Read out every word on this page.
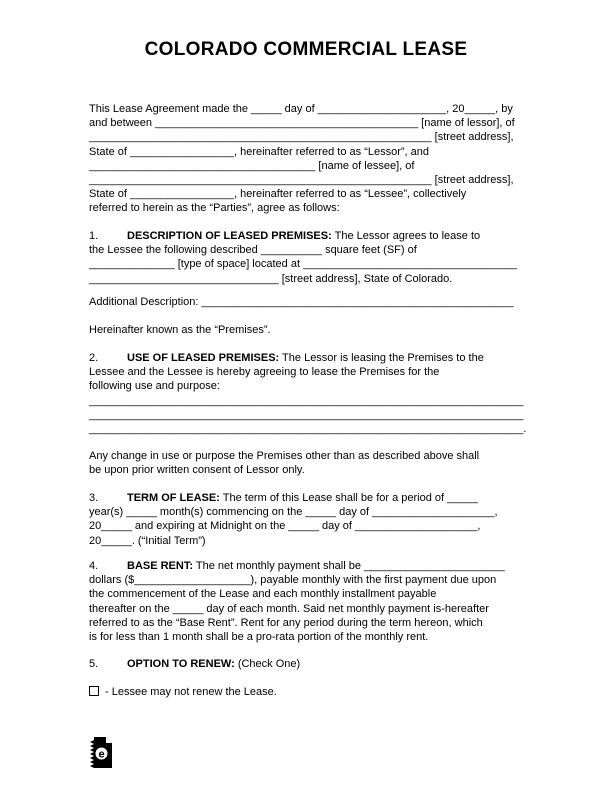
COLORADO COMMERCIAL LEASE
This Lease Agreement made the _____ day of _____________________, 20_____, by
and between ___________________________________________ [name of lessor], of
________________________________________________________ [street address],
State of _________________, hereinafter referred to as “Lessor”, and
_____________________________________ [name of lessee], of
________________________________________________________ [street address],
State of _________________, hereinafter referred to as “Lessee”, collectively
referred to herein as the “Parties”, agree as follows:
1.	DESCRIPTION OF LEASED PREMISES: The Lessor agrees to lease to
the Lessee the following described __________ square feet (SF) of
______________ [type of space] located at ___________________________________
_______________________________ [street address], State of Colorado.
Additional Description: ___________________________________________________
Hereinafter known as the “Premises”.
2.	USE OF LEASED PREMISES: The Lessor is leasing the Premises to the
Lessee and the Lessee is hereby agreeing to lease the Premises for the
following use and purpose:
_______________________________________________________________________
_______________________________________________________________________
_______________________________________________________________________.
Any change in use or purpose the Premises other than as described above shall
be upon prior written consent of Lessor only.
3.	TERM OF LEASE: The term of this Lease shall be for a period of _____
year(s) _____ month(s) commencing on the _____ day of ____________________,
20_____ and expiring at Midnight on the _____ day of ____________________,
20_____. (“Initial Term”)
4.	BASE RENT: The net monthly payment shall be _______________________
dollars ($___________________), payable monthly with the first payment due upon
the commencement of the Lease and each monthly installment payable
thereafter on the _____ day of each month. Said net monthly payment is-hereafter
referred to as the “Base Rent”. Rent for any period during the term hereon, which
is for less than 1 month shall be a pro-rata portion of the monthly rent.
5.	OPTION TO RENEW: (Check One)
- Lessee may not renew the Lease.
e
